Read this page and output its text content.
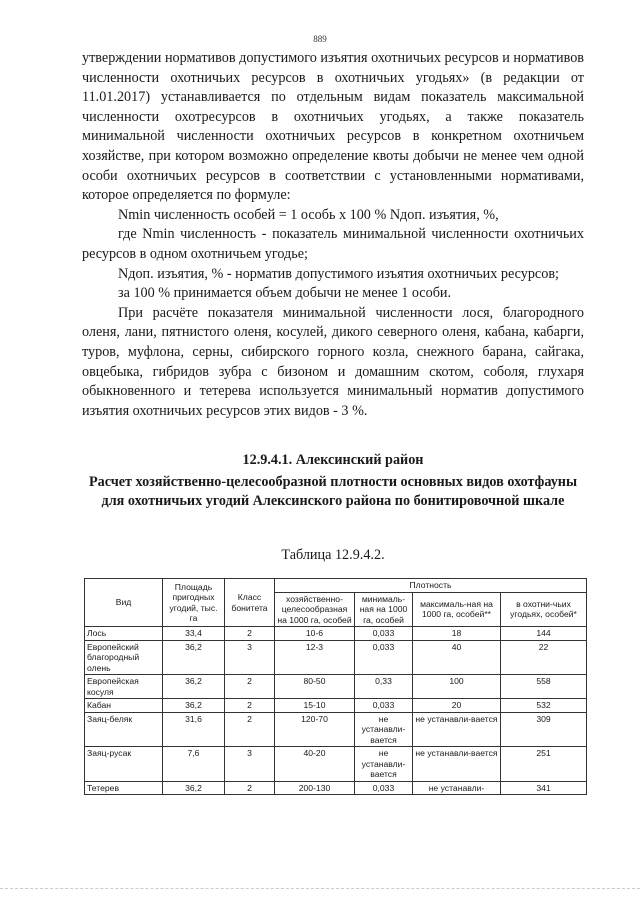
889

утверждении нормативов допустимого изъятия охотничьих ресурсов и нормативов численности охотничьих ресурсов в охотничьих угодьях» (в редакции от 11.01.2017) устанавливается по отдельным видам показатель максимальной численности охотресурсов в охотничьих угодьях, а также показатель минимальной численности охотничьих ресурсов в конкретном охотничьем хозяйстве, при котором возможно определение квоты добычи не менее чем одной особи охотничьих ресурсов в соответствии с установленными нормативами, которое определяется по формуле:

Nmin численность особей = 1 особь х 100 % Nдоп. изъятия, %,

где Nmin численность - показатель минимальной численности охотничьих ресурсов в одном охотничьем угодье;

Nдоп. изъятия, % - норматив допустимого изъятия охотничьих ресурсов;

за 100 % принимается объем добычи не менее 1 особи.

При расчёте показателя минимальной численности лося, благородного оленя, лани, пятнистого оленя, косулей, дикого северного оленя, кабана, кабарги, туров, муфлона, серны, сибирского горного козла, снежного барана, сайгака, овцебыка, гибридов зубра с бизоном и домашним скотом, соболя, глухаря обыкновенного и тетерева используется минимальный норматив допустимого изъятия охотничьих ресурсов этих видов - 3 %.

12.9.4.1. Алексинский район
Расчет хозяйственно-целесообразной плотности основных видов охотфауны для охотничьих угодий Алексинского района по бонитировочной шкале
Таблица 12.9.4.2.
Вид	Площадь пригодных угодий, тыс. га	Класс бонитета	Плотность			
			хозяйственно-целесообразная на 1000 га, особей	минималь-ная на 1000 га, особей	максималь-ная на 1000 га, особей**	в охотни-чьих угодьях, особей*
Лось	33,4	2	10-6	0,033	18	144
Европейский благородный олень	36,2	3	12-3	0,033	40	22
Европейская косуля	36,2	2	80-50	0,33	100	558
Кабан	36,2	2	15-10	0,033	20	532
Заяц-беляк	31,6	2	120-70	не устанавли-вается	не устанавли-вается	309
Заяц-русак	7,6	3	40-20	не устанавли-вается	не устанавли-вается	251
Тетерев	36,2	2	200-130	0,033	не устанавли-	341
